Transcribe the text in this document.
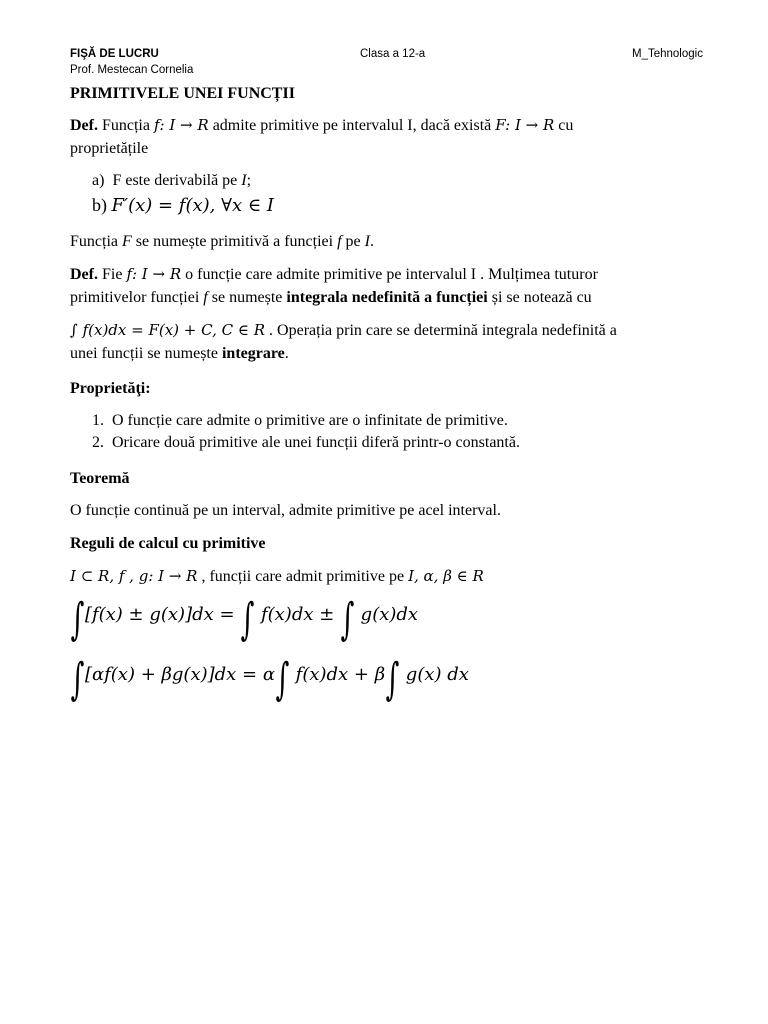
FIŞĂ DE LUCRU	Clasa a 12-a	M_Tehnologic
Prof. Mestecan Cornelia
PRIMITIVELE UNEI FUNCȚII
Def. Funcția f: I → R admite primitive pe intervalul I, dacă există F: I → R cu
proprietățile
a) F este derivabilă pe I;
b) F′(x) = f(x), ∀x ∈ I
Funcția F se numește primitivă a funcției f pe I.
Def. Fie f: I → R o funcție care admite primitive pe intervalul I . Mulțimea tuturor
primitivelor funcției f se numește integrala nedefinită a funcției și se notează cu
∫ f(x)dx = F(x) + C, C ∈ R . Operația prin care se determină integrala nedefinită a
unei funcții se numește integrare.
Proprietăţi:
1. O funcție care admite o primitive are o infinitate de primitive.
2. Oricare două primitive ale unei funcții diferă printr-o constantă.
Teoremă
O funcție continuă pe un interval, admite primitive pe acel interval.
Reguli de calcul cu primitive
I ⊂ R, f , g: I → R , funcții care admit primitive pe I, α, β ∈ R
∫[f(x) ± g(x)]dx = ∫ f(x)dx ± ∫ g(x)dx
∫[αf(x) + βg(x)]dx = α∫ f(x)dx + β∫ g(x) dx
